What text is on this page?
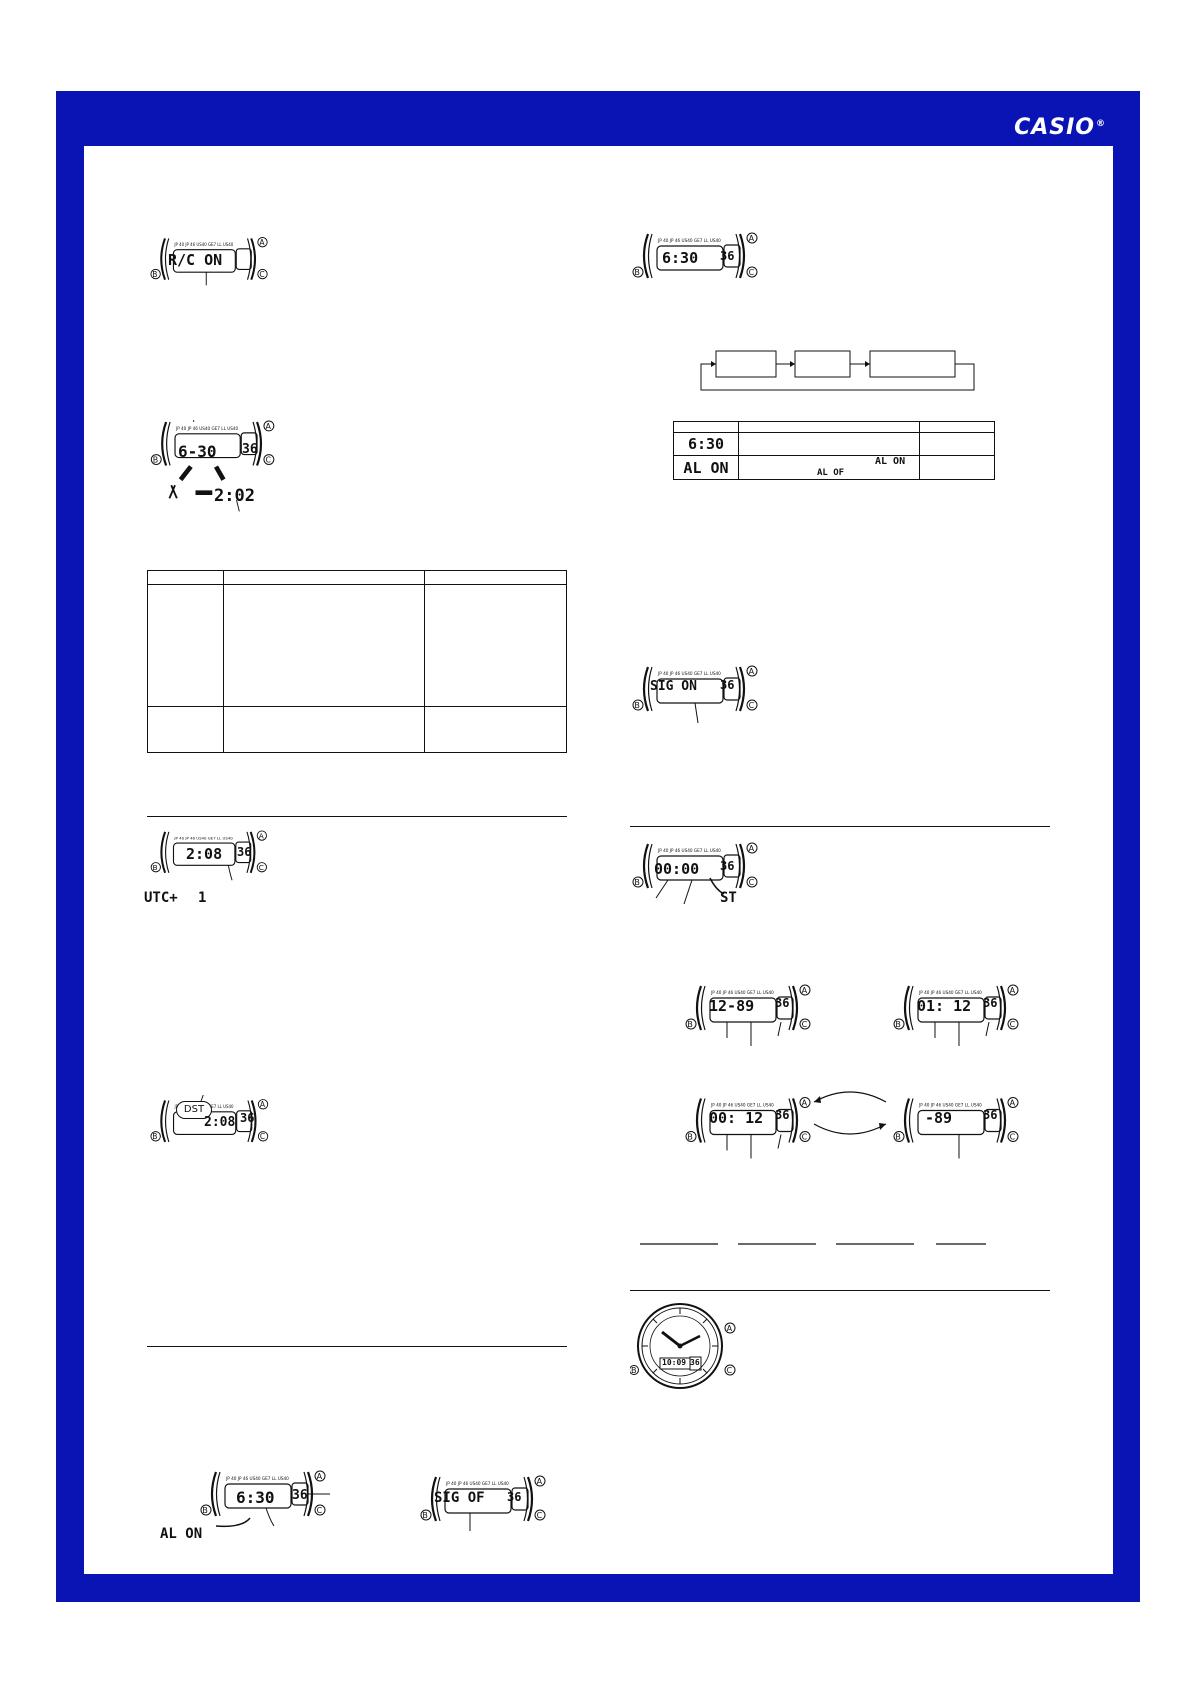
CASIO®
R/C ON
6-30 36
2:02

2:08 36
UTC+ 1
DST
2:08 36
6:30 36
AL ON
SIG OF 36
6:30 36

6:30		
AL ON	AL ON
AL OF	

SIG ON 36
00:00 36
ST
12-89 36	01: 12 36
00: 12 36	-89	36
A
B	C
10:09 36
